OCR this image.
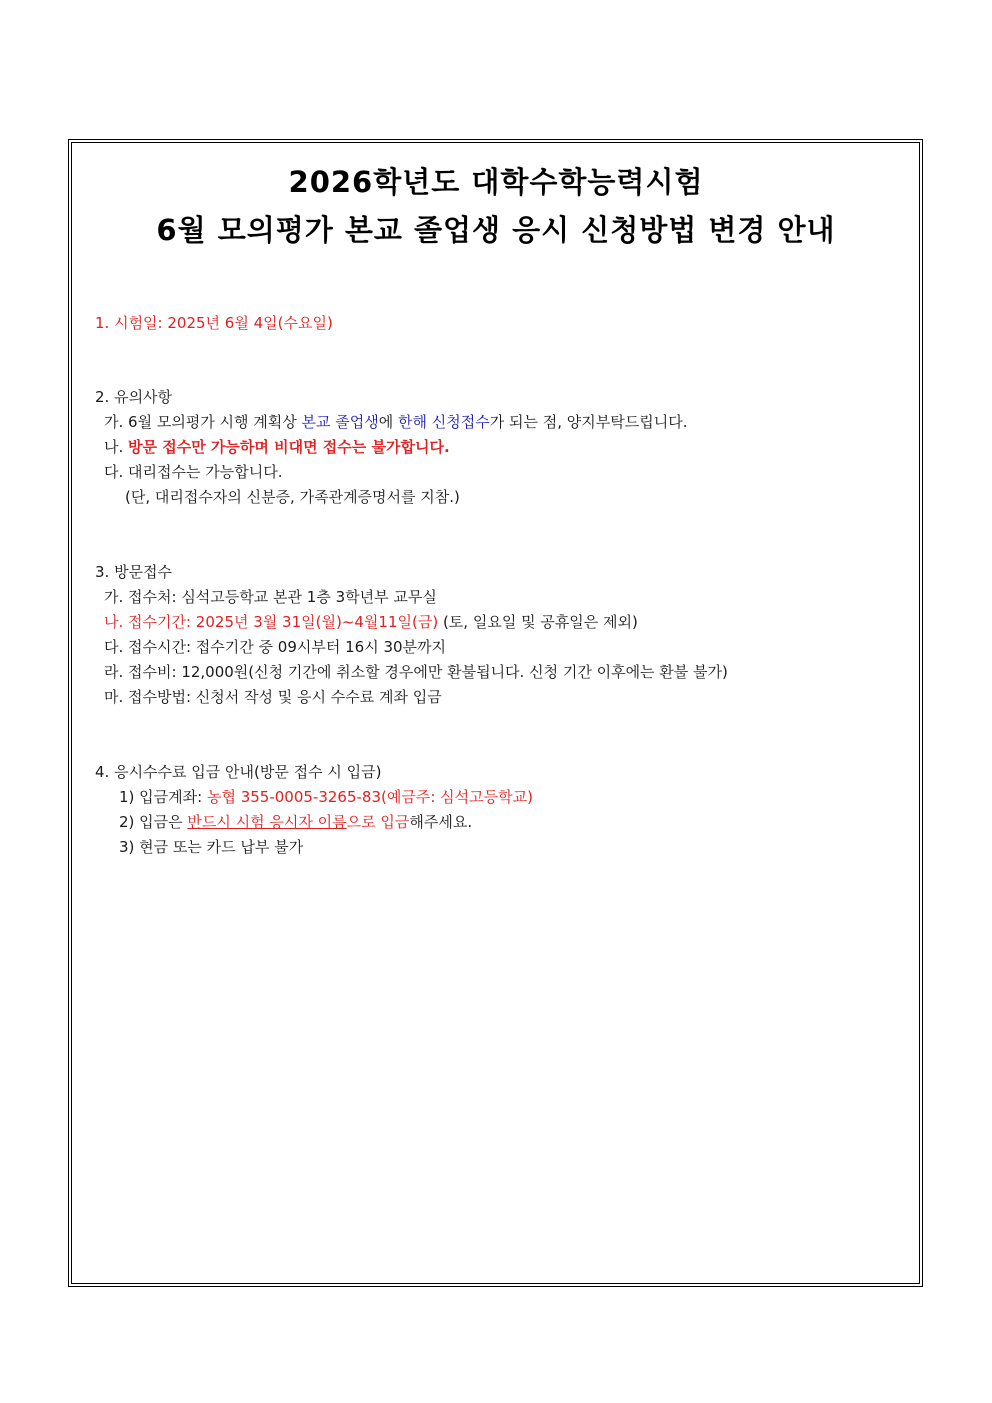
2026학년도 대학수학능력시험
6월 모의평가 본교 졸업생 응시 신청방법 변경 안내
1. 시험일: 2025년 6월 4일(수요일)
2. 유의사항
가. 6월 모의평가 시행 계획상 본교 졸업생에 한해 신청접수가 되는 점, 양지부탁드립니다.
나. 방문 접수만 가능하며 비대면 접수는 불가합니다.
다. 대리접수는 가능합니다.
(단, 대리접수자의 신분증, 가족관계증명서를 지참.)
3. 방문접수
가. 접수처: 심석고등학교 본관 1층 3학년부 교무실
나. 접수기간: 2025년 3월 31일(월)~4월11일(금) (토, 일요일 및 공휴일은 제외)
다. 접수시간: 접수기간 중 09시부터 16시 30분까지
라. 접수비: 12,000원(신청 기간에 취소할 경우에만 환불됩니다. 신청 기간 이후에는 환불 불가)
마. 접수방법: 신청서 작성 및 응시 수수료 계좌 입금
4. 응시수수료 입금 안내(방문 접수 시 입금)
1) 입금계좌: 농협 355-0005-3265-83(예금주: 심석고등학교)
2) 입금은 반드시 시험 응시자 이름으로 입금해주세요.
3) 현금 또는 카드 납부 불가
